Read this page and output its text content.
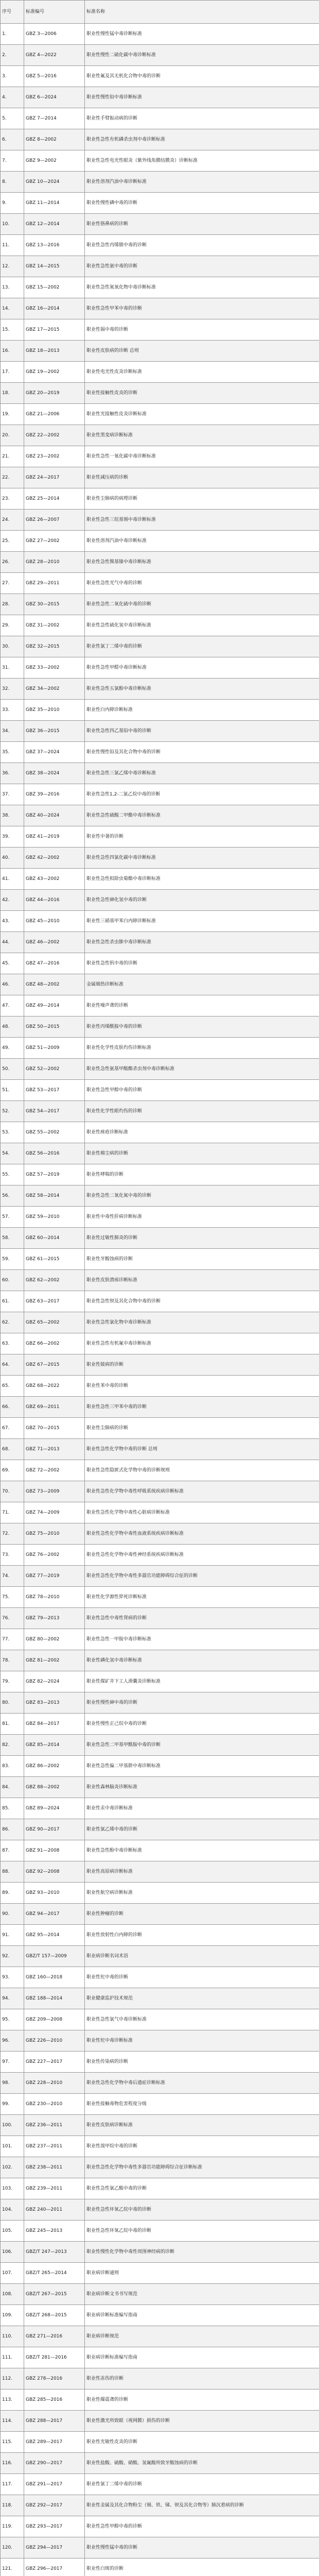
序号	标准编号	标准名称
1.	GBZ 3—2006	职业性慢性锰中毒诊断标准
2.	GBZ 4—2022	职业性慢性二硫化碳中毒诊断标准
3.	GBZ 5—2016	职业性氟及其无机化合物中毒的诊断
4.	GBZ 6—2024	职业性慢性铅中毒诊断标准
5.	GBZ 7—2014	职业性手臂振动病的诊断
6.	GBZ 8—2002	职业性急性有机磷杀虫剂中毒诊断标准
7.	GBZ 9—2002	职业性急性电光性眼炎（紫外线角膜结膜炎）诊断标准
8.	GBZ 10—2024	职业性溶剂汽油中毒诊断标准
9.	GBZ 11—2014	职业性慢性磷中毒的诊断
10.	GBZ 12—2014	职业性铬鼻病的诊断
11.	GBZ 13—2016	职业性急性丙烯腈中毒的诊断
12.	GBZ 14—2015	职业性急性氨中毒的诊断
13.	GBZ 15—2002	职业性急性氮氧化物中毒诊断标准
14.	GBZ 16—2014	职业性急性甲苯中毒的诊断
15.	GBZ 17—2015	职业性镉中毒的诊断
16.	GBZ 18—2013	职业性皮肤病的诊断 总则
17.	GBZ 19—2002	职业性电光性皮炎诊断标准
18.	GBZ 20—2019	职业性接触性皮炎的诊断
19.	GBZ 21—2006	职业性光接触性皮炎诊断标准
20.	GBZ 22—2002	职业性黑变病诊断标准
21.	GBZ 23—2002	职业性急性一氧化碳中毒诊断标准
22.	GBZ 24—2017	职业性减压病的诊断
23.	GBZ 25—2014	职业性尘肺病的病理诊断
24.	GBZ 26—2007	职业性急性三烷基锡中毒诊断标准
25.	GBZ 27—2002	职业性溶剂汽油中毒诊断标准
26.	GBZ 28—2010	职业性急性羰基镍中毒诊断标准
27.	GBZ 29—2011	职业性急性光气中毒的诊断
28.	GBZ 30—2015	职业性急性二氧化硫中毒的诊断
29.	GBZ 31—2002	职业性急性硫化氢中毒诊断标准
30.	GBZ 32—2015	职业性氯丁二烯中毒的诊断
31.	GBZ 33—2002	职业性急性甲醛中毒诊断标准
32.	GBZ 34—2002	职业性急性五氯酚中毒诊断标准
33.	GBZ 35—2010	职业性白内障诊断标准
34.	GBZ 36—2015	职业性急性四乙基铅中毒的诊断
35.	GBZ 37—2024	职业性慢性铅及其化合物中毒的诊断
36.	GBZ 38—2024	职业性急性三氯乙烯中毒诊断标准
37.	GBZ 39—2016	职业性急性1,2-二氯乙烷中毒的诊断
38.	GBZ 40—2024	职业性急性硫酸二甲酯中毒诊断标准
39.	GBZ 41—2019	职业性中暑的诊断
40.	GBZ 42—2002	职业性急性四氯化碳中毒诊断标准
41.	GBZ 43—2002	职业性急性拟除虫菊酯中毒诊断标准
42.	GBZ 44—2016	职业性急性砷化氢中毒的诊断
43.	GBZ 45—2010	职业性三硝基甲苯白内障诊断标准
44.	GBZ 46—2002	职业性急性杀虫脒中毒诊断标准
45.	GBZ 47—2016	职业性急性钒中毒的诊断
46.	GBZ 48—2002	金属烟热诊断标准
47.	GBZ 49—2014	职业性噪声聋的诊断
48.	GBZ 50—2015	职业性丙烯酰胺中毒的诊断
49.	GBZ 51—2009	职业性化学性皮肤灼伤诊断标准
50.	GBZ 52—2002	职业性急性氨基甲酸酯杀虫剂中毒诊断标准
51.	GBZ 53—2017	职业性急性甲醇中毒的诊断
52.	GBZ 54—2017	职业性化学性眼灼伤的诊断
53.	GBZ 55—2002	职业性痤疮诊断标准
54.	GBZ 56—2016	职业性棉尘病的诊断
55.	GBZ 57—2019	职业性哮喘的诊断
56.	GBZ 58—2014	职业性急性二氧化氮中毒的诊断
57.	GBZ 59—2010	职业性中毒性肝病诊断标准
58.	GBZ 60—2014	职业性过敏性肺炎的诊断
59.	GBZ 61—2015	职业性牙酸蚀病的诊断
60.	GBZ 62—2002	职业性皮肤溃疡诊断标准
61.	GBZ 63—2017	职业性急性钡及其化合物中毒的诊断
62.	GBZ 65—2002	职业性急性氯化物中毒诊断标准
63.	GBZ 66—2002	职业性急性有机氟中毒诊断标准
64.	GBZ 67—2015	职业性铍病的诊断
65.	GBZ 68—2022	职业性苯中毒的诊断
66.	GBZ 69—2011	职业性急性三甲苯中毒的诊断
67.	GBZ 70—2015	职业性尘肺病的诊断
68.	GBZ 71—2013	职业性急性化学物中毒的诊断 总则
69.	GBZ 72—2002	职业性急性隐匿式化学物中毒的诊断规则
70.	GBZ 73—2009	职业性急性化学物中毒性呼吸系统疾病诊断标准
71.	GBZ 74—2009	职业性急性化学物中毒性心脏病诊断标准
72.	GBZ 75—2010	职业性急性化学物中毒性血液系统疾病诊断标准
73.	GBZ 76—2002	职业性急性化学物中毒性神经系统疾病诊断标准
74.	GBZ 77—2019	职业性急性化学物中毒性多器官功能障碍综合征的诊断
75.	GBZ 78—2010	职业性化学源性猝死诊断标准
76.	GBZ 79—2013	职业性急性中毒性肾病的诊断
77.	GBZ 80—2002	职业性急性一甲胺中毒诊断标准
78.	GBZ 81—2002	职业性磷化氢中毒诊断标准
79.	GBZ 82—2024	职业性煤矿井下工人滑囊炎诊断标准
80.	GBZ 83—2013	职业性慢性砷中毒的诊断
81.	GBZ 84—2017	职业性慢性正己烷中毒的诊断
82.	GBZ 85—2014	职业性急性二甲基甲酰胺中毒的诊断
83.	GBZ 86—2002	职业性急性偏二甲基肼中毒诊断标准
84.	GBZ 88—2002	职业性森林脑炎诊断标准
85.	GBZ 89—2024	职业性汞中毒诊断标准
86.	GBZ 90—2017	职业性氯乙烯中毒的诊断
87.	GBZ 91—2008	职业性急性酚中毒诊断标准
88.	GBZ 92—2008	职业性高原病诊断标准
89.	GBZ 93—2010	职业性航空病诊断标准
90.	GBZ 94—2017	职业性肿瘤的诊断
91.	GBZ 95—2014	职业性放射性白内障的诊断
92.	GBZ/T 157—2009	职业病诊断名词术语
93.	GBZ 160—2018	职业性铊中毒的诊断
94.	GBZ 188—2014	职业健康监护技术规范
95.	GBZ 209—2008	职业性急性氯气中毒诊断标准
96.	GBZ 226—2010	职业性铊中毒诊断标准
97.	GBZ 227—2017	职业性传染病的诊断
98.	GBZ 228—2010	职业性急性化学物中毒后遗症诊断标准
99.	GBZ 230—2010	职业性接触毒物危害程度分级
100.	GBZ 236—2011	职业性皮肤病诊断标准
101.	GBZ 237—2011	职业性溴甲烷中毒的诊断
102.	GBZ 238—2011	职业性急性化学物中毒性多器官功能障碍综合征诊断标准
103.	GBZ 239—2011	职业性急性氯乙酸中毒的诊断
104.	GBZ 240—2011	职业性急性环氧乙烷中毒的诊断
105.	GBZ 245—2013	职业性急性环氧乙烷中毒的诊断
106.	GBZ/T 247—2013	职业性慢性化学物中毒性周围神经病的诊断
107.	GBZ/T 265—2014	职业病诊断通则
108.	GBZ/T 267—2015	职业病诊断文书书写规范
109.	GBZ/T 268—2015	职业病诊断标准编写指南
110.	GBZ 271—2016	职业病诊断规范
111.	GBZ/T 281—2016	职业病诊断标准编写指南
112.	GBZ 278—2016	职业性冻伤的诊断
113.	GBZ 285—2016	职业性爆震聋的诊断
114.	GBZ 288—2017	职业性激光所致眼（视网膜）损伤的诊断
115.	GBZ 289—2017	职业性光敏性皮炎的诊断
116.	GBZ 290—2017	职业性盐酸、硫酸、硝酸、氢氟酸所致牙酸蚀病的诊断
117.	GBZ 291—2017	职业性氯丁二烯中毒的诊断
118.	GBZ 292—2017	职业性金属及其化合物粉尘（锡、铁、锑、钡及其化合物等）肺沉着病的诊断
119.	GBZ 293—2017	职业性急性甲醇中毒的诊断
120.	GBZ 294—2017	职业性慢性锰中毒的诊断
121.	GBZ 296—2017	职业性白斑的诊断
